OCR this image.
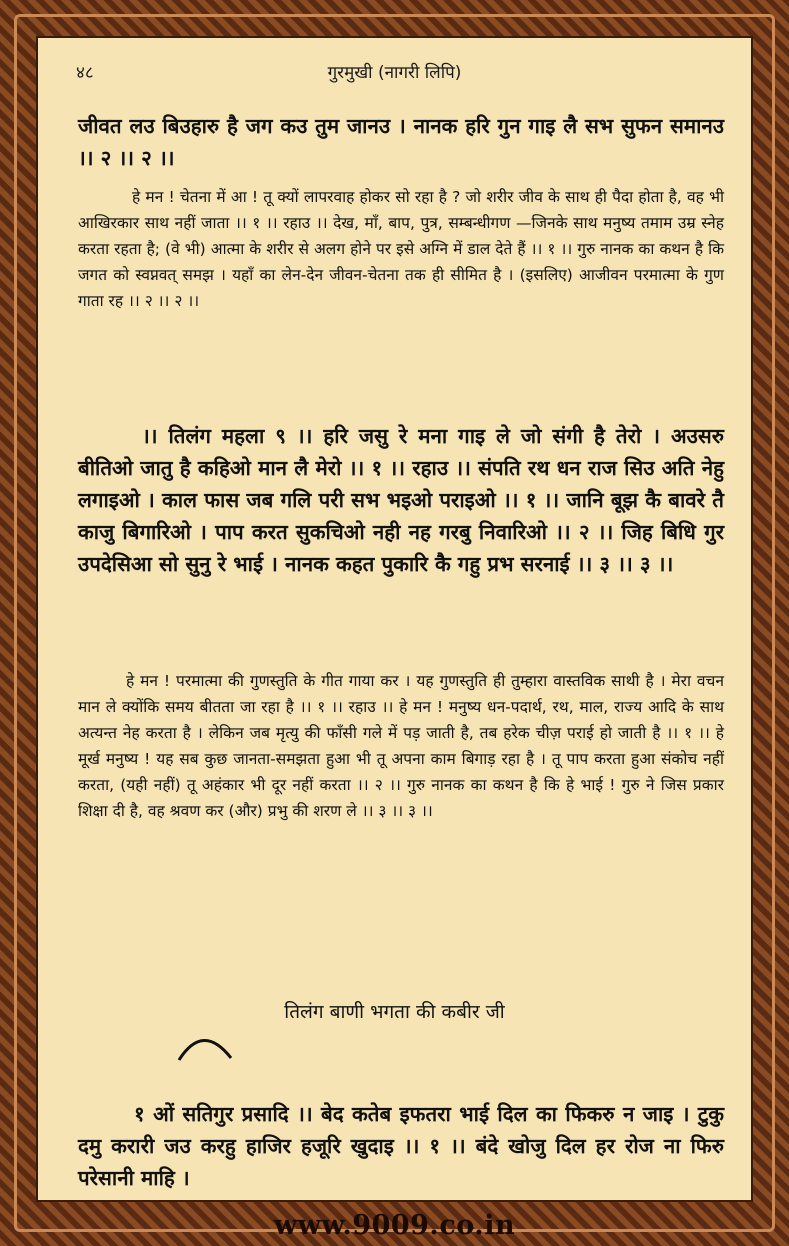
४८	गुरमुखी (नागरी लिपि)

जीवत लउ बिउहारु है जग कउ तुम जानउ । नानक हरि गुन गाइ लै सभ सुफन समानउ ।। २ ।। २ ।।

हे मन ! चेतना में आ ! तू क्यों लापरवाह होकर सो रहा है ? जो शरीर जीव के साथ ही पैदा होता है, वह भी आखिरकार साथ नहीं जाता ।। १ ।। रहाउ ।। देख, माँ, बाप, पुत्र, सम्बन्धीगण —जिनके साथ मनुष्य तमाम उम्र स्नेह करता रहता है; (वे भी) आत्मा के शरीर से अलग होने पर इसे अग्नि में डाल देते हैं ।। १ ।। गुरु नानक का कथन है कि जगत को स्वप्नवत् समझ । यहाँ का लेन-देन जीवन-चेतना तक ही सीमित है । (इसलिए) आजीवन परमात्मा के गुण गाता रह ।। २ ।। २ ।।

।। तिलंग महला ९ ।। हरि जसु रे मना गाइ ले जो संगी है तेरो । अउसरु बीतिओ जातु है कहिओ मान लै मेरो ।। १ ।। रहाउ ।। संपति रथ धन राज सिउ अति नेहु लगाइओ । काल फास जब गलि परी सभ भइओ पराइओ ।। १ ।। जानि बूझ कै बावरे तै काजु बिगारिओ । पाप करत सुकचिओ नही नह गरबु निवारिओ ।। २ ।। जिह बिधि गुर उपदेसिआ सो सुनु रे भाई । नानक कहत पुकारि कै गहु प्रभ सरनाई ।। ३ ।। ३ ।।

हे मन ! परमात्मा की गुणस्तुति के गीत गाया कर । यह गुणस्तुति ही तुम्हारा वास्तविक साथी है । मेरा वचन मान ले क्योंकि समय बीतता जा रहा है ।। १ ।। रहाउ ।। हे मन ! मनुष्य धन-पदार्थ, रथ, माल, राज्य आदि के साथ अत्यन्त नेह करता है । लेकिन जब मृत्यु की फाँसी गले में पड़ जाती है, तब हरेक चीज़ पराई हो जाती है ।। १ ।। हे मूर्ख मनुष्य ! यह सब कुछ जानता-समझता हुआ भी तू अपना काम बिगाड़ रहा है । तू पाप करता हुआ संकोच नहीं करता, (यही नहीं) तू अहंकार भी दूर नहीं करता ।। २ ।। गुरु नानक का कथन है कि हे भाई ! गुरु ने जिस प्रकार शिक्षा दी है, वह श्रवण कर (और) प्रभु की शरण ले ।। ३ ।। ३ ।।

तिलंग बाणी भगता की कबीर जी

१ ओं सतिगुर प्रसादि ।। बेद कतेब इफतरा भाई दिल का फिकरु न जाइ । टुकु दमु करारी जउ करहु हाजिर हजूरि खुदाइ ।। १ ।। बंदे खोजु दिल हर रोज ना फिरु परेसानी माहि ।

www.9009.co.in
